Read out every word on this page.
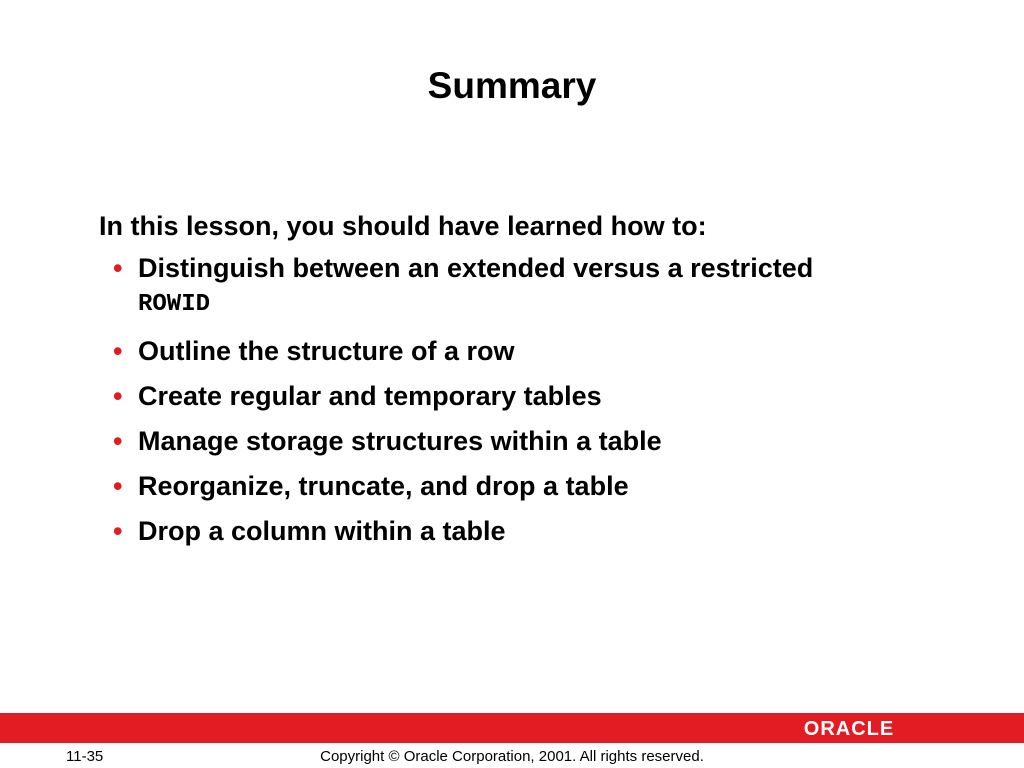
Summary
In this lesson, you should have learned how to:
• Distinguish between an extended versus a restricted
ROWID
• Outline the structure of a row
• Create regular and temporary tables
• Manage storage structures within a table
• Reorganize, truncate, and drop a table
• Drop a column within a table
ORACLE
11-35	Copyright © Oracle Corporation, 2001. All rights reserved.
